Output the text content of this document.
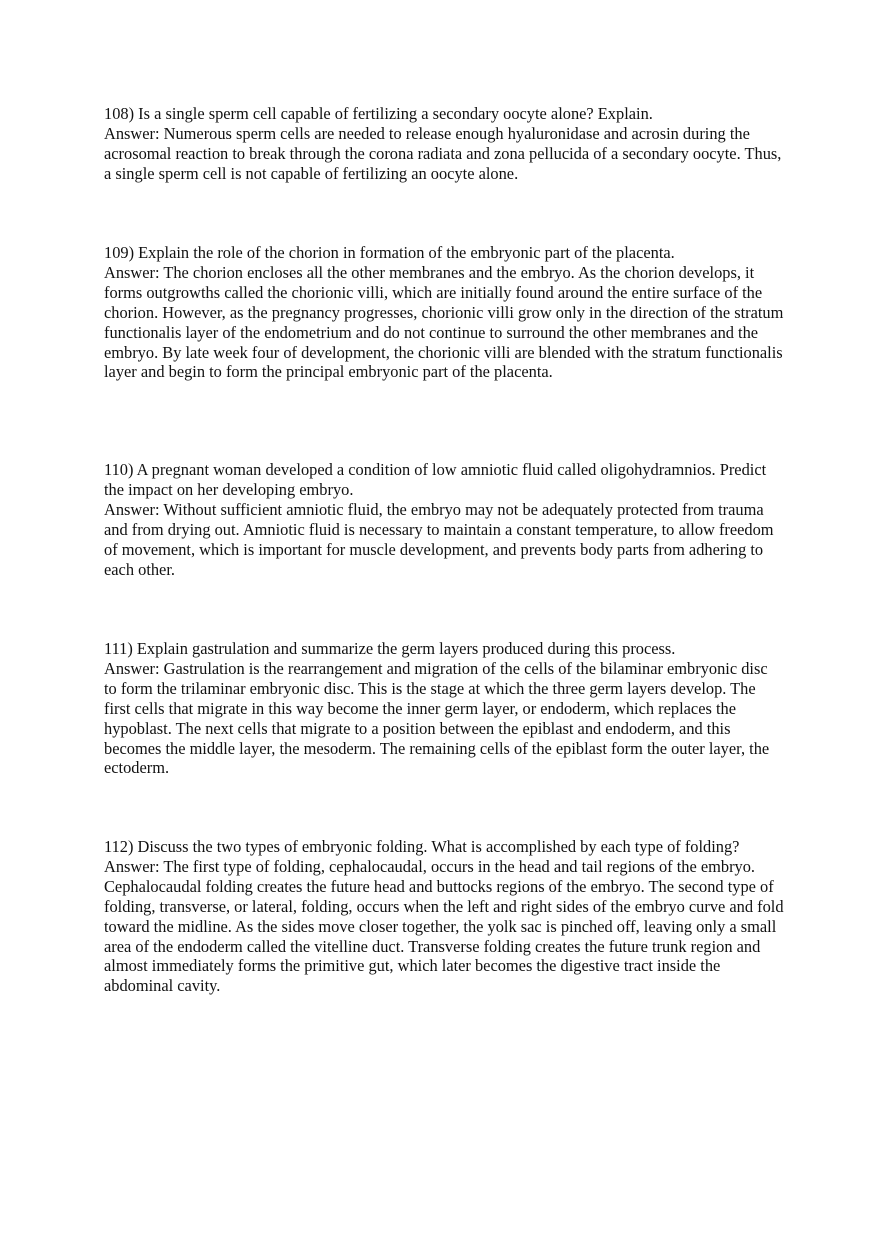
108) Is a single sperm cell capable of fertilizing a secondary oocyte alone? Explain.

Answer: Numerous sperm cells are needed to release enough hyaluronidase and acrosin during the acrosomal reaction to break through the corona radiata and zona pellucida of a secondary oocyte. Thus, a single sperm cell is not capable of fertilizing an oocyte alone.

109) Explain the role of the chorion in formation of the embryonic part of the placenta.

Answer: The chorion encloses all the other membranes and the embryo. As the chorion develops, it forms outgrowths called the chorionic villi, which are initially found around the entire surface of the chorion. However, as the pregnancy progresses, chorionic villi grow only in the direction of the stratum functionalis layer of the endometrium and do not continue to surround the other membranes and the embryo. By late week four of development, the chorionic villi are blended with the stratum functionalis layer and begin to form the principal embryonic part of the placenta.

110) A pregnant woman developed a condition of low amniotic fluid called oligohydramnios. Predict the impact on her developing embryo.

Answer: Without sufficient amniotic fluid, the embryo may not be adequately protected from trauma and from drying out. Amniotic fluid is necessary to maintain a constant temperature, to allow freedom of movement, which is important for muscle development, and prevents body parts from adhering to each other.

111) Explain gastrulation and summarize the germ layers produced during this process.

Answer: Gastrulation is the rearrangement and migration of the cells of the bilaminar embryonic disc to form the trilaminar embryonic disc. This is the stage at which the three germ layers develop. The first cells that migrate in this way become the inner germ layer, or endoderm, which replaces the hypoblast. The next cells that migrate to a position between the epiblast and endoderm, and this becomes the middle layer, the mesoderm. The remaining cells of the epiblast form the outer layer, the ectoderm.

112) Discuss the two types of embryonic folding. What is accomplished by each type of folding?

Answer: The first type of folding, cephalocaudal, occurs in the head and tail regions of the embryo. Cephalocaudal folding creates the future head and buttocks regions of the embryo. The second type of folding, transverse, or lateral, folding, occurs when the left and right sides of the embryo curve and fold toward the midline. As the sides move closer together, the yolk sac is pinched off, leaving only a small area of the endoderm called the vitelline duct. Transverse folding creates the future trunk region and almost immediately forms the primitive gut, which later becomes the digestive tract inside the abdominal cavity.
